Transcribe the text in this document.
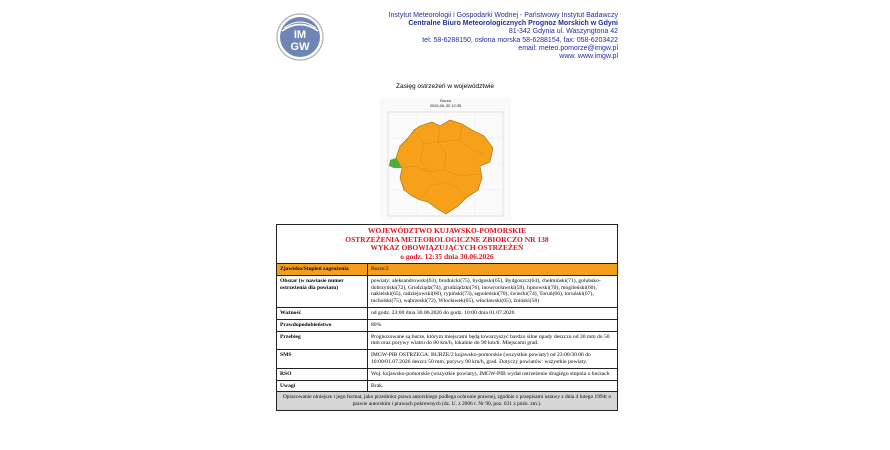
IM
GW
Instytut Meteorologii i Gospodarki Wodnej - Państwowy Instytut Badawczy
Centralne Biuro Meteorologicznych Prognoz Morskich w Gdyni
81-342 Gdynia ul. Waszyngtona 42
tel: 58-6288150, osłona morska 58-6288154, fax: 058-6203422
email: meteo.pomorze@imgw.pl
www. www.imgw.pl
Zasięg ostrzeżeń w województwie
Burza
2026-06-30 12:35
WOJEWÓDZTWO KUJAWSKO-POMORSKIE
OSTRZEŻENIA METEOROLOGICZNE ZBIORCZO NR 138
WYKAZ OBOWIĄZUJĄCYCH OSTRZEŻEŃ
o godz. 12:35 dnia 30.06.2026	

Zjawisko/Stopień zagrożenia	Burze/2
Obszar (w nawiasie numer ostrzeżenia dla powiatu)	powiaty: aleksandrowski(63), brodnicki(75), bydgoski(65), Bydgoszcz(64), chełmiński(71), golubsko-dobrzyński(72), Grudziądz(74), grudziądzki(76), inowrocławski(59), lipnowski(70), mogileński(60), nakielski(65), radziejowski(60), rypiński(73), sępoleński(70), świecki(74), Toruń(66), toruński(67), tucholski(75), wąbrzeski(72), Włocławek(65), włocławski(65), żniński(58)
Ważność	od godz. 23:00 dnia 30.06.2026 do godz. 10:00 dnia 01.07.2026
Prawdopodobieństwo	80%
Przebieg	Prognozowane są burze, którym miejscami będą towarzyszyć bardzo silne opady deszczu od 30 mm do 50 mm oraz porywy wiatru do 80 km/h, lokalnie do 90 km/h. Miejscami grad.
SMS	IMGW-PIB OSTRZEGA: BURZE/2 kujawsko-pomorskie (wszystkie powiaty) od 23:00/30.06 do 10:00/01.07.2026 deszcz 50 mm, porywy 90 km/h, grad. Dotyczy powiatów: wszystkie powiaty.
RSO	Woj. kujawsko-pomorskie (wszystkie powiaty), IMGW-PIB wydał ostrzeżenie drugiego stopnia o burzach
Uwagi	Brak.
Opracowanie niniejsze i jego format, jako przedmiot prawa autorskiego podlega ochronie prawnej, zgodnie z przepisami ustawy z dnia 4 lutego 1994r o prawie autorskim i prawach pokrewnych (dz. U. z 2006 r. Nr 90, poz. 631 z późn. zm.).	
